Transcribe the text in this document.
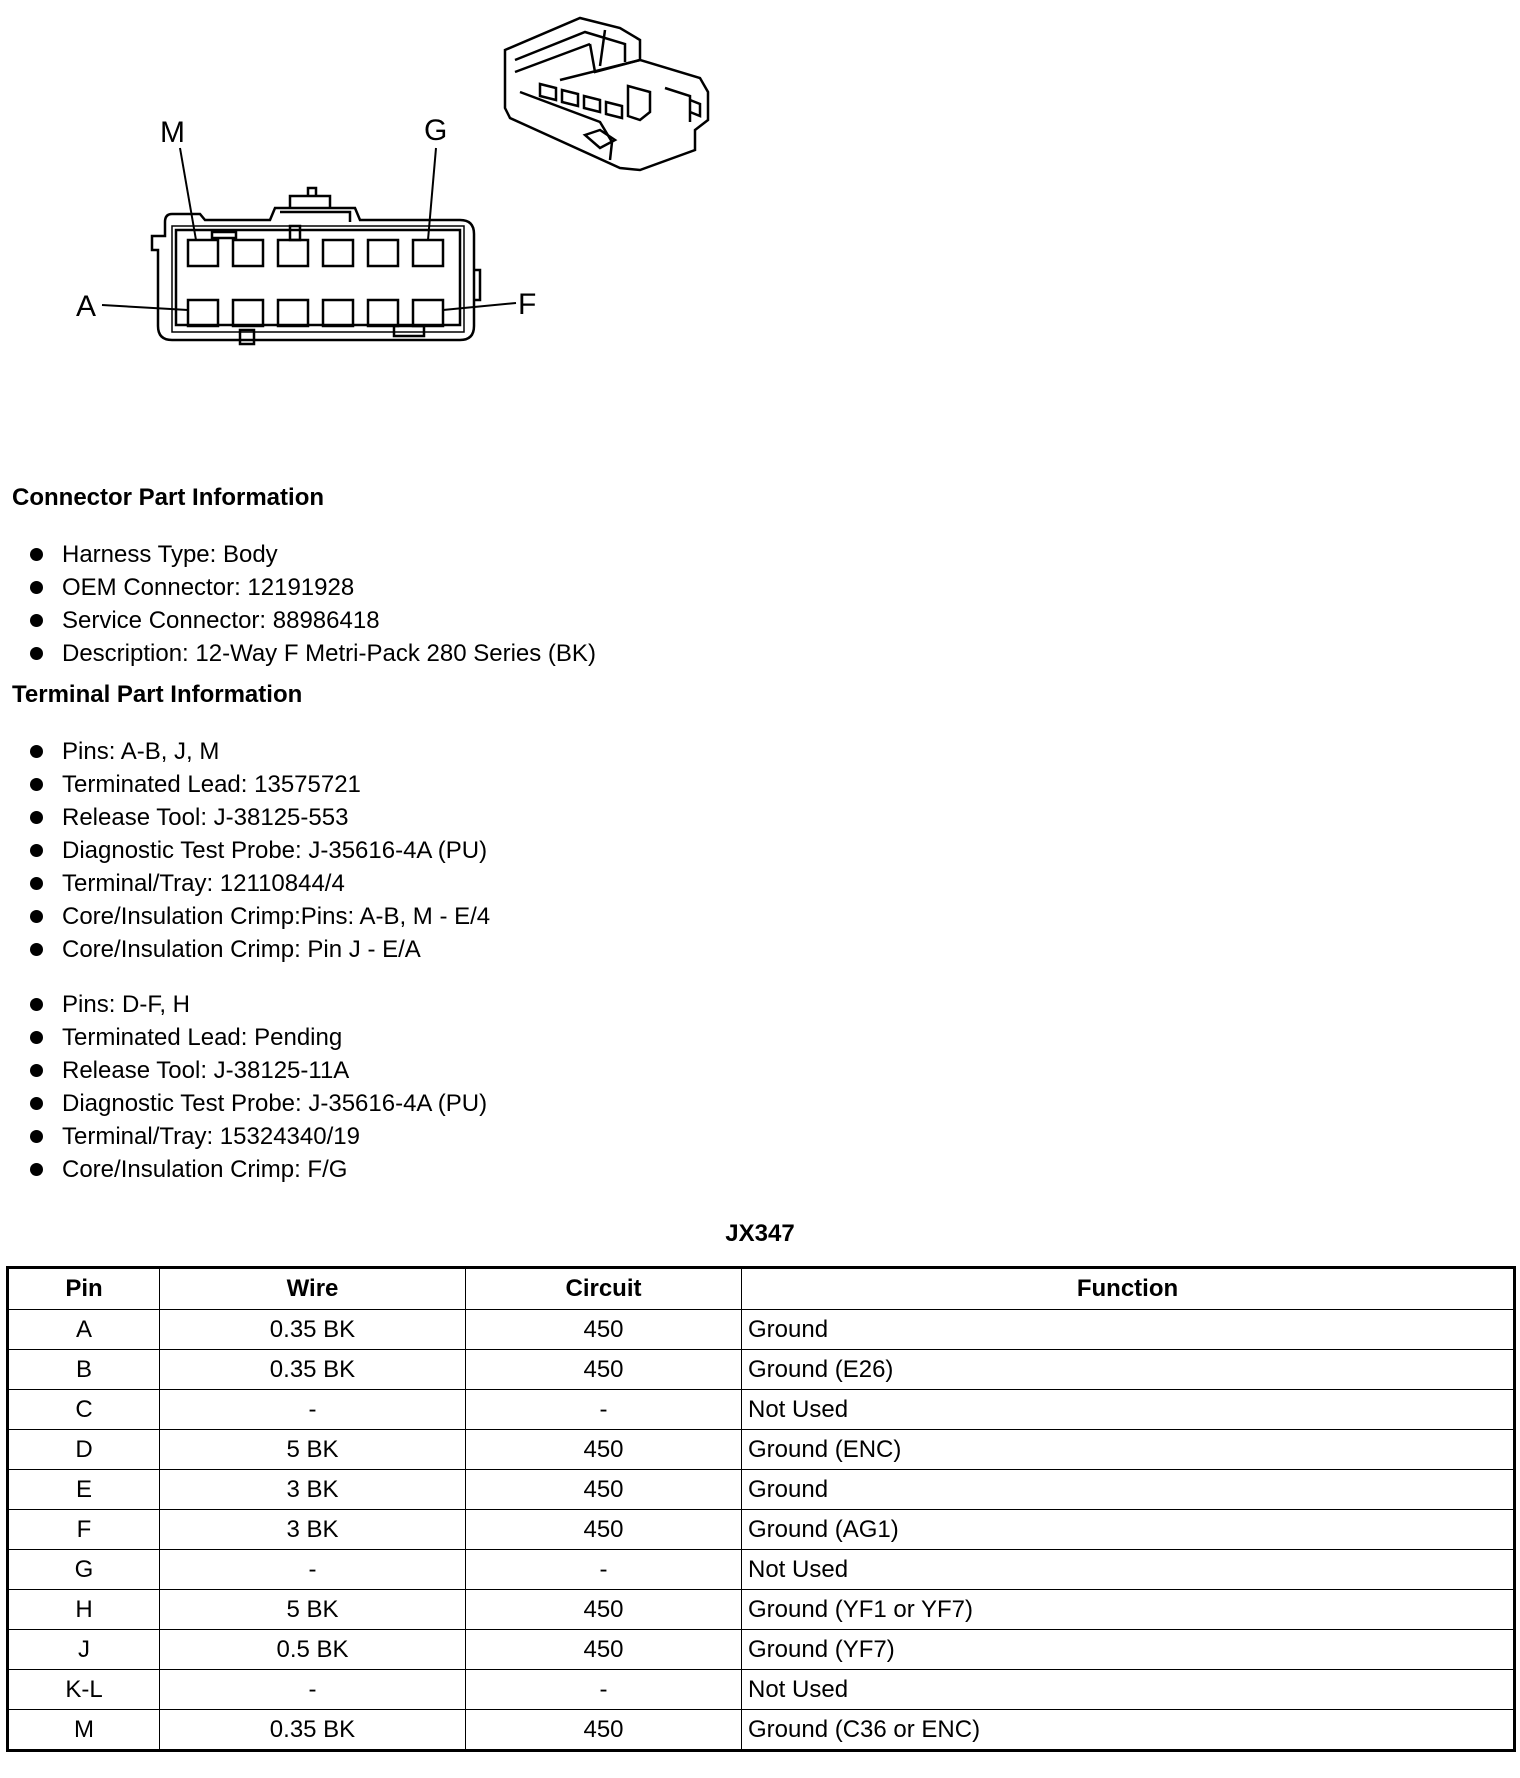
M	G
A	F
Connector Part Information
Harness Type: Body
OEM Connector: 12191928
Service Connector: 88986418
Description: 12-Way F Metri-Pack 280 Series (BK)
Terminal Part Information
Pins: A-B, J, M
Terminated Lead: 13575721
Release Tool: J-38125-553
Diagnostic Test Probe: J-35616-4A (PU)
Terminal/Tray: 12110844/4
Core/Insulation Crimp:Pins: A-B, M - E/4
Core/Insulation Crimp: Pin J - E/A
Pins: D-F, H
Terminated Lead: Pending
Release Tool: J-38125-11A
Diagnostic Test Probe: J-35616-4A (PU)
Terminal/Tray: 15324340/19
Core/Insulation Crimp: F/G
JX347
Pin	Wire	Circuit	Function
A	0.35 BK	450	Ground
B	0.35 BK	450	Ground (E26)
C	-	-	Not Used
D	5 BK	450	Ground (ENC)
E	3 BK	450	Ground
F	3 BK	450	Ground (AG1)
G	-	-	Not Used
H	5 BK	450	Ground (YF1 or YF7)
J	0.5 BK	450	Ground (YF7)
K-L	-	-	Not Used
M	0.35 BK	450	Ground (C36 or ENC)
